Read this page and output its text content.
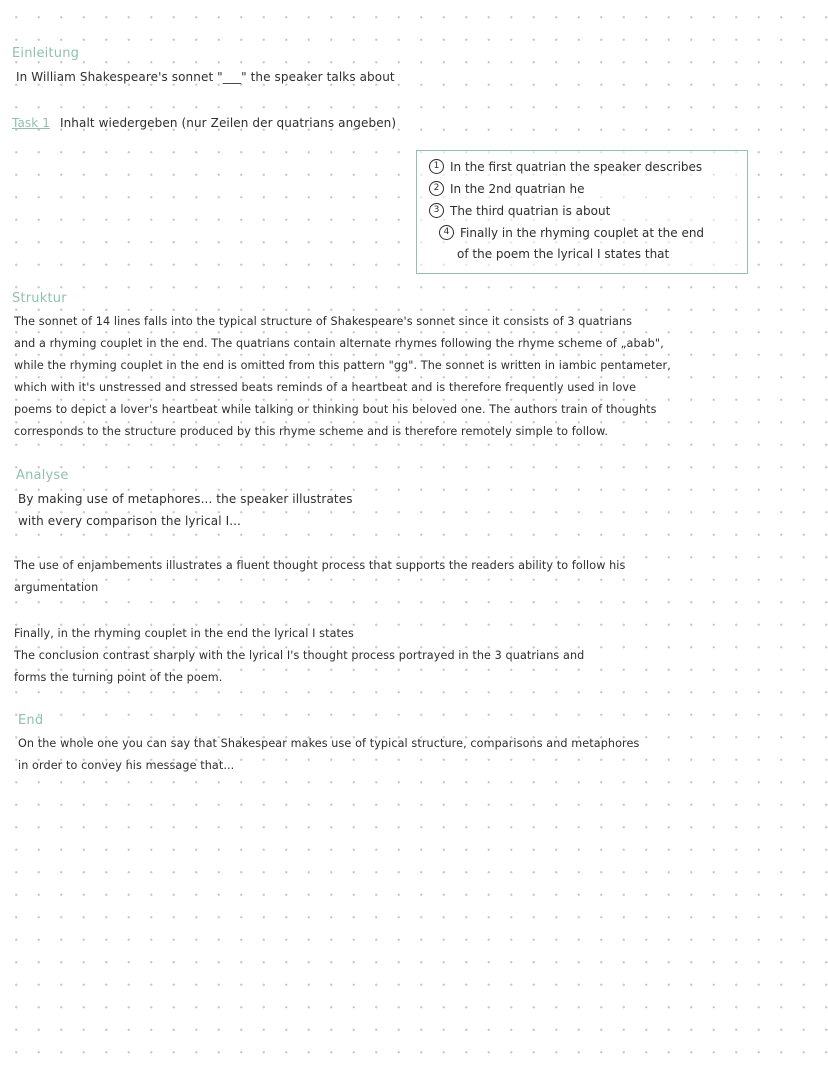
Einleitung
In William Shakespeare's sonnet "___" the speaker talks about
Task 1 Inhalt wiedergeben (nur Zeilen der quatrians angeben)
1 In the first quatrian the speaker describes
2 In the 2nd quatrian he
3 The third quatrian is about
4 Finally in the rhyming couplet at the end
of the poem the lyrical I states that
Struktur
The sonnet of 14 lines falls into the typical structure of Shakespeare's sonnet since it consists of 3 quatrians
and a rhyming couplet in the end. The quatrians contain alternate rhymes following the rhyme scheme of „abab",
while the rhyming couplet in the end is omitted from this pattern "gg". The sonnet is written in iambic pentameter,
which with it's unstressed and stressed beats reminds of a heartbeat and is therefore frequently used in love
poems to depict a lover's heartbeat while talking or thinking bout his beloved one. The authors train of thoughts
corresponds to the structure produced by this rhyme scheme and is therefore remotely simple to follow.
Analyse
By making use of metaphores... the speaker illustrates
with every comparison the lyrical I...
The use of enjambements illustrates a fluent thought process that supports the readers ability to follow his
argumentation
Finally, in the rhyming couplet in the end the lyrical I states
The conclusion contrast sharply with the lyrical I's thought process portrayed in the 3 quatrians and
forms the turning point of the poem.
End
On the whole one you can say that Shakespear makes use of typical structure, comparisons and metaphores
in order to convey his message that...
